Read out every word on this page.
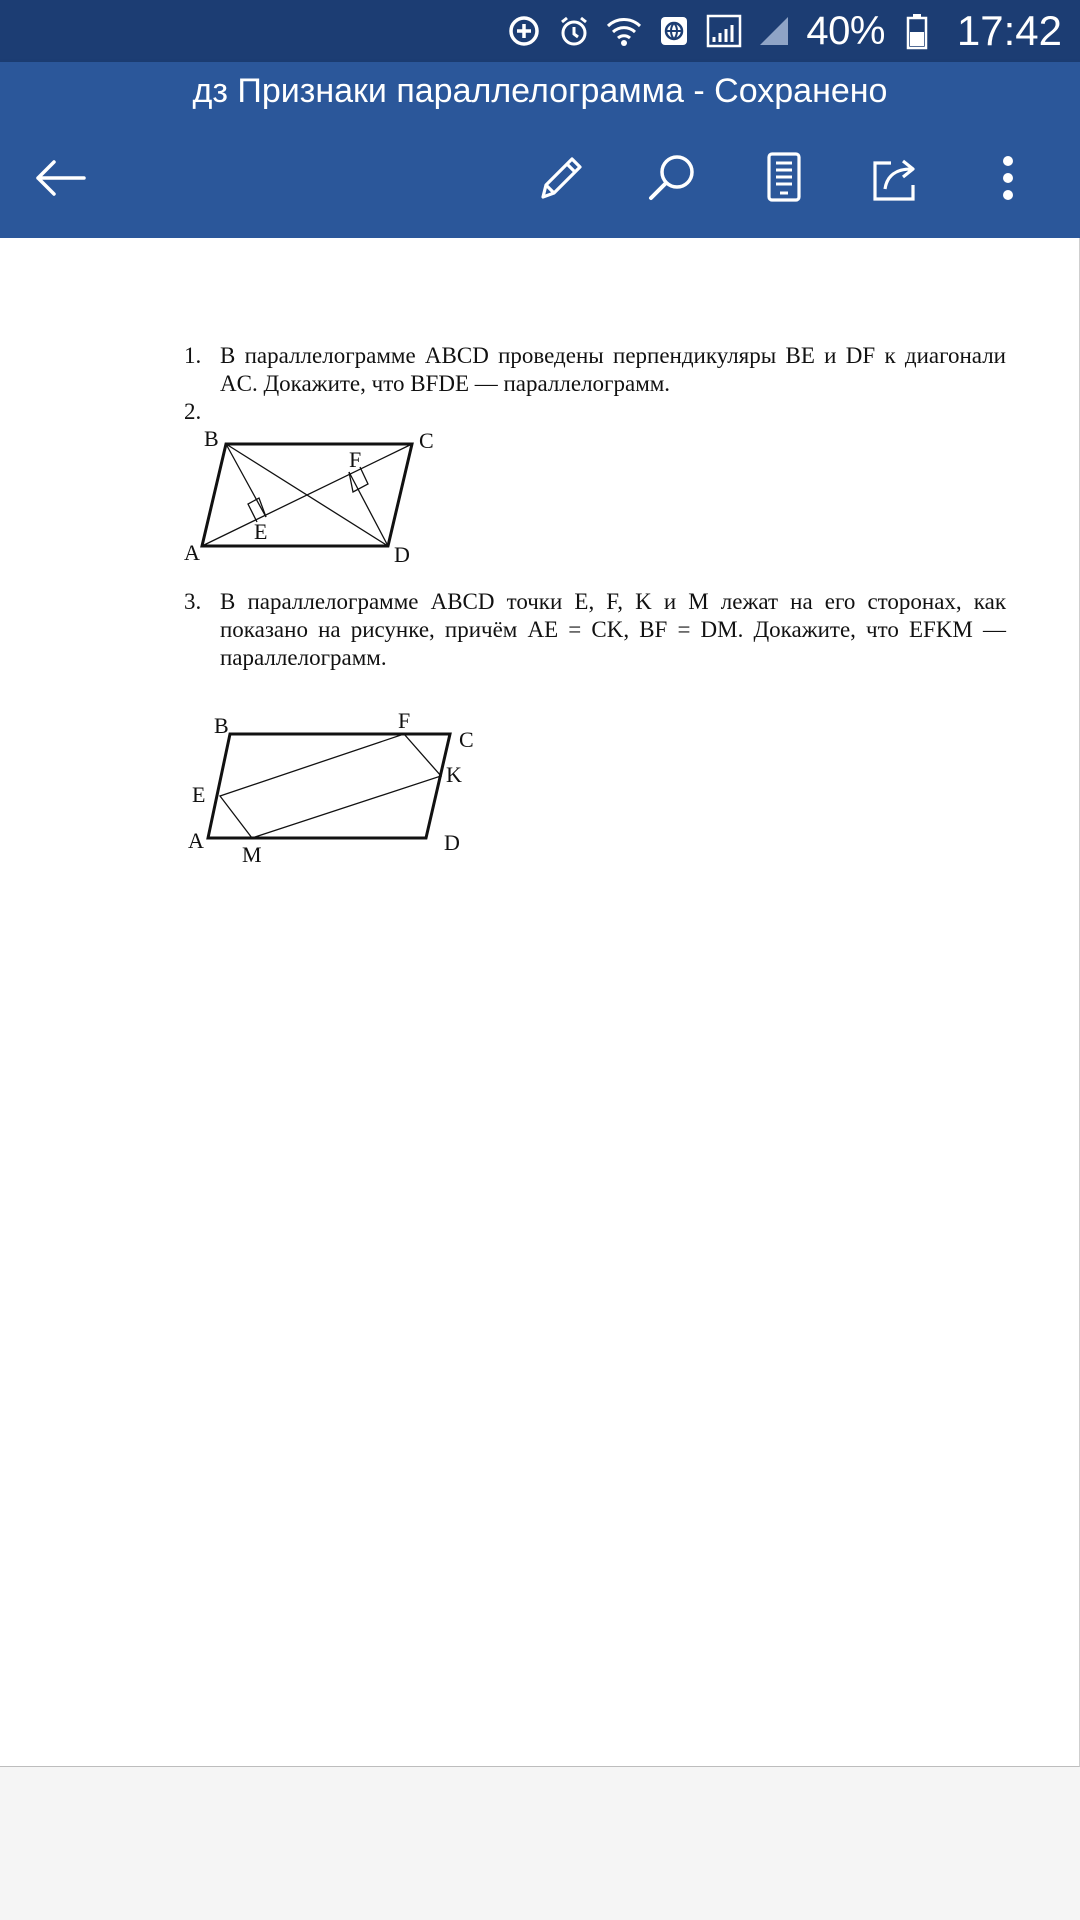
40% 17:42
дз Признаки параллелограмма - Сохранено
1. В параллелограмме ABCD проведены перпендикуляры BE и DF к диагонали AC. Докажите, что BFDE — параллелограмм.
2.
A
B	C
D
E
F
3. В параллелограмме ABCD точки E, F, K и M лежат на его сторонах, как показано на рисунке, причём AE = CK, BF = DM. Докажите, что EFKM — параллелограмм.
A
B
C
D
E
F
K
M
